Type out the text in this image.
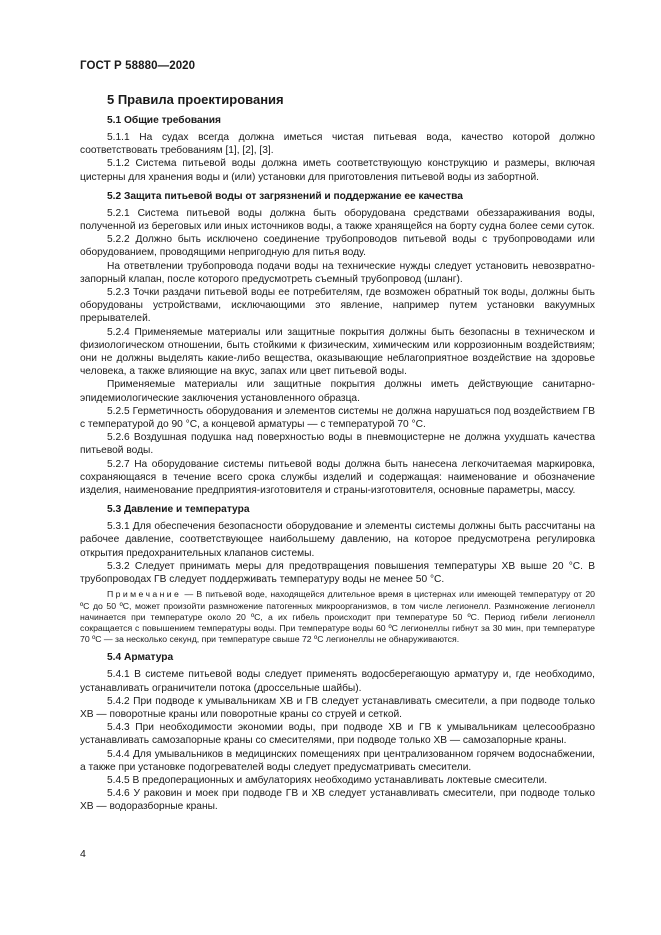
ГОСТ Р 58880—2020
5 Правила проектирования
5.1 Общие требования

5.1.1 На судах всегда должна иметься чистая питьевая вода, качество которой должно соответствовать требованиям [1], [2], [3].

5.1.2 Система питьевой воды должна иметь соответствующую конструкцию и размеры, включая цистерны для хранения воды и (или) установки для приготовления питьевой воды из забортной.

5.2 Защита питьевой воды от загрязнений и поддержание ее качества

5.2.1 Система питьевой воды должна быть оборудована средствами обеззараживания воды, полученной из береговых или иных источников воды, а также хранящейся на борту судна более семи суток.

5.2.2 Должно быть исключено соединение трубопроводов питьевой воды с трубопроводами или оборудованием, проводящими непригодную для питья воду.

На ответвлении трубопровода подачи воды на технические нужды следует установить невозвратно-запорный клапан, после которого предусмотреть съемный трубопровод (шланг).

5.2.3 Точки раздачи питьевой воды ее потребителям, где возможен обратный ток воды, должны быть оборудованы устройствами, исключающими это явление, например путем установки вакуумных прерывателей.

5.2.4 Применяемые материалы или защитные покрытия должны быть безопасны в техническом и физиологическом отношении, быть стойкими к физическим, химическим или коррозионным воздействиям; они не должны выделять какие-либо вещества, оказывающие неблагоприятное воздействие на здоровье человека, а также влияющие на вкус, запах или цвет питьевой воды.

Применяемые материалы или защитные покрытия должны иметь действующие санитарно-эпидемиологические заключения установленного образца.

5.2.5 Герметичность оборудования и элементов системы не должна нарушаться под воздействием ГВ с температурой до 90 °С, а концевой арматуры — с температурой 70 °С.

5.2.6 Воздушная подушка над поверхностью воды в пневмоцистерне не должна ухудшать качества питьевой воды.

5.2.7 На оборудование системы питьевой воды должна быть нанесена легкочитаемая маркировка, сохраняющаяся в течение всего срока службы изделий и содержащая: наименование и обозначение изделия, наименование предприятия-изготовителя и страны-изготовителя, основные параметры, массу.

5.3 Давление и температура

5.3.1 Для обеспечения безопасности оборудование и элементы системы должны быть рассчитаны на рабочее давление, соответствующее наибольшему давлению, на которое предусмотрена регулировка открытия предохранительных клапанов системы.

5.3.2 Следует принимать меры для предотвращения повышения температуры ХВ выше 20 °С. В трубопроводах ГВ следует поддерживать температуру воды не менее 50 °С.

Примечание — В питьевой воде, находящейся длительное время в цистернах или имеющей температуру от 20 ºС до 50 ºС, может произойти размножение патогенных микроорганизмов, в том числе легионелл. Размножение легионелл начинается при температуре около 20 ºС, а их гибель происходит при температуре 50 ºС. Период гибели легионелл сокращается с повышением температуры воды. При температуре воды 60 ºС легионеллы гибнут за 30 мин, при температуре 70 ºС — за несколько секунд, при температуре свыше 72 ºС легионеллы не обнаруживаются.

5.4 Арматура

5.4.1 В системе питьевой воды следует применять водосберегающую арматуру и, где необходимо, устанавливать ограничители потока (дроссельные шайбы).

5.4.2 При подводе к умывальникам ХВ и ГВ следует устанавливать смесители, а при подводе только ХВ — поворотные краны или поворотные краны со струей и сеткой.

5.4.3 При необходимости экономии воды, при подводе ХВ и ГВ к умывальникам целесообразно устанавливать самозапорные краны со смесителями, при подводе только ХВ — самозапорные краны.

5.4.4 Для умывальников в медицинских помещениях при централизованном горячем водоснабжении, а также при установке подогревателей воды следует предусматривать смесители.

5.4.5 В предоперационных и амбулаториях необходимо устанавливать локтевые смесители.

5.4.6 У раковин и моек при подводе ГВ и ХВ следует устанавливать смесители, при подводе только ХВ — водоразборные краны.

4
